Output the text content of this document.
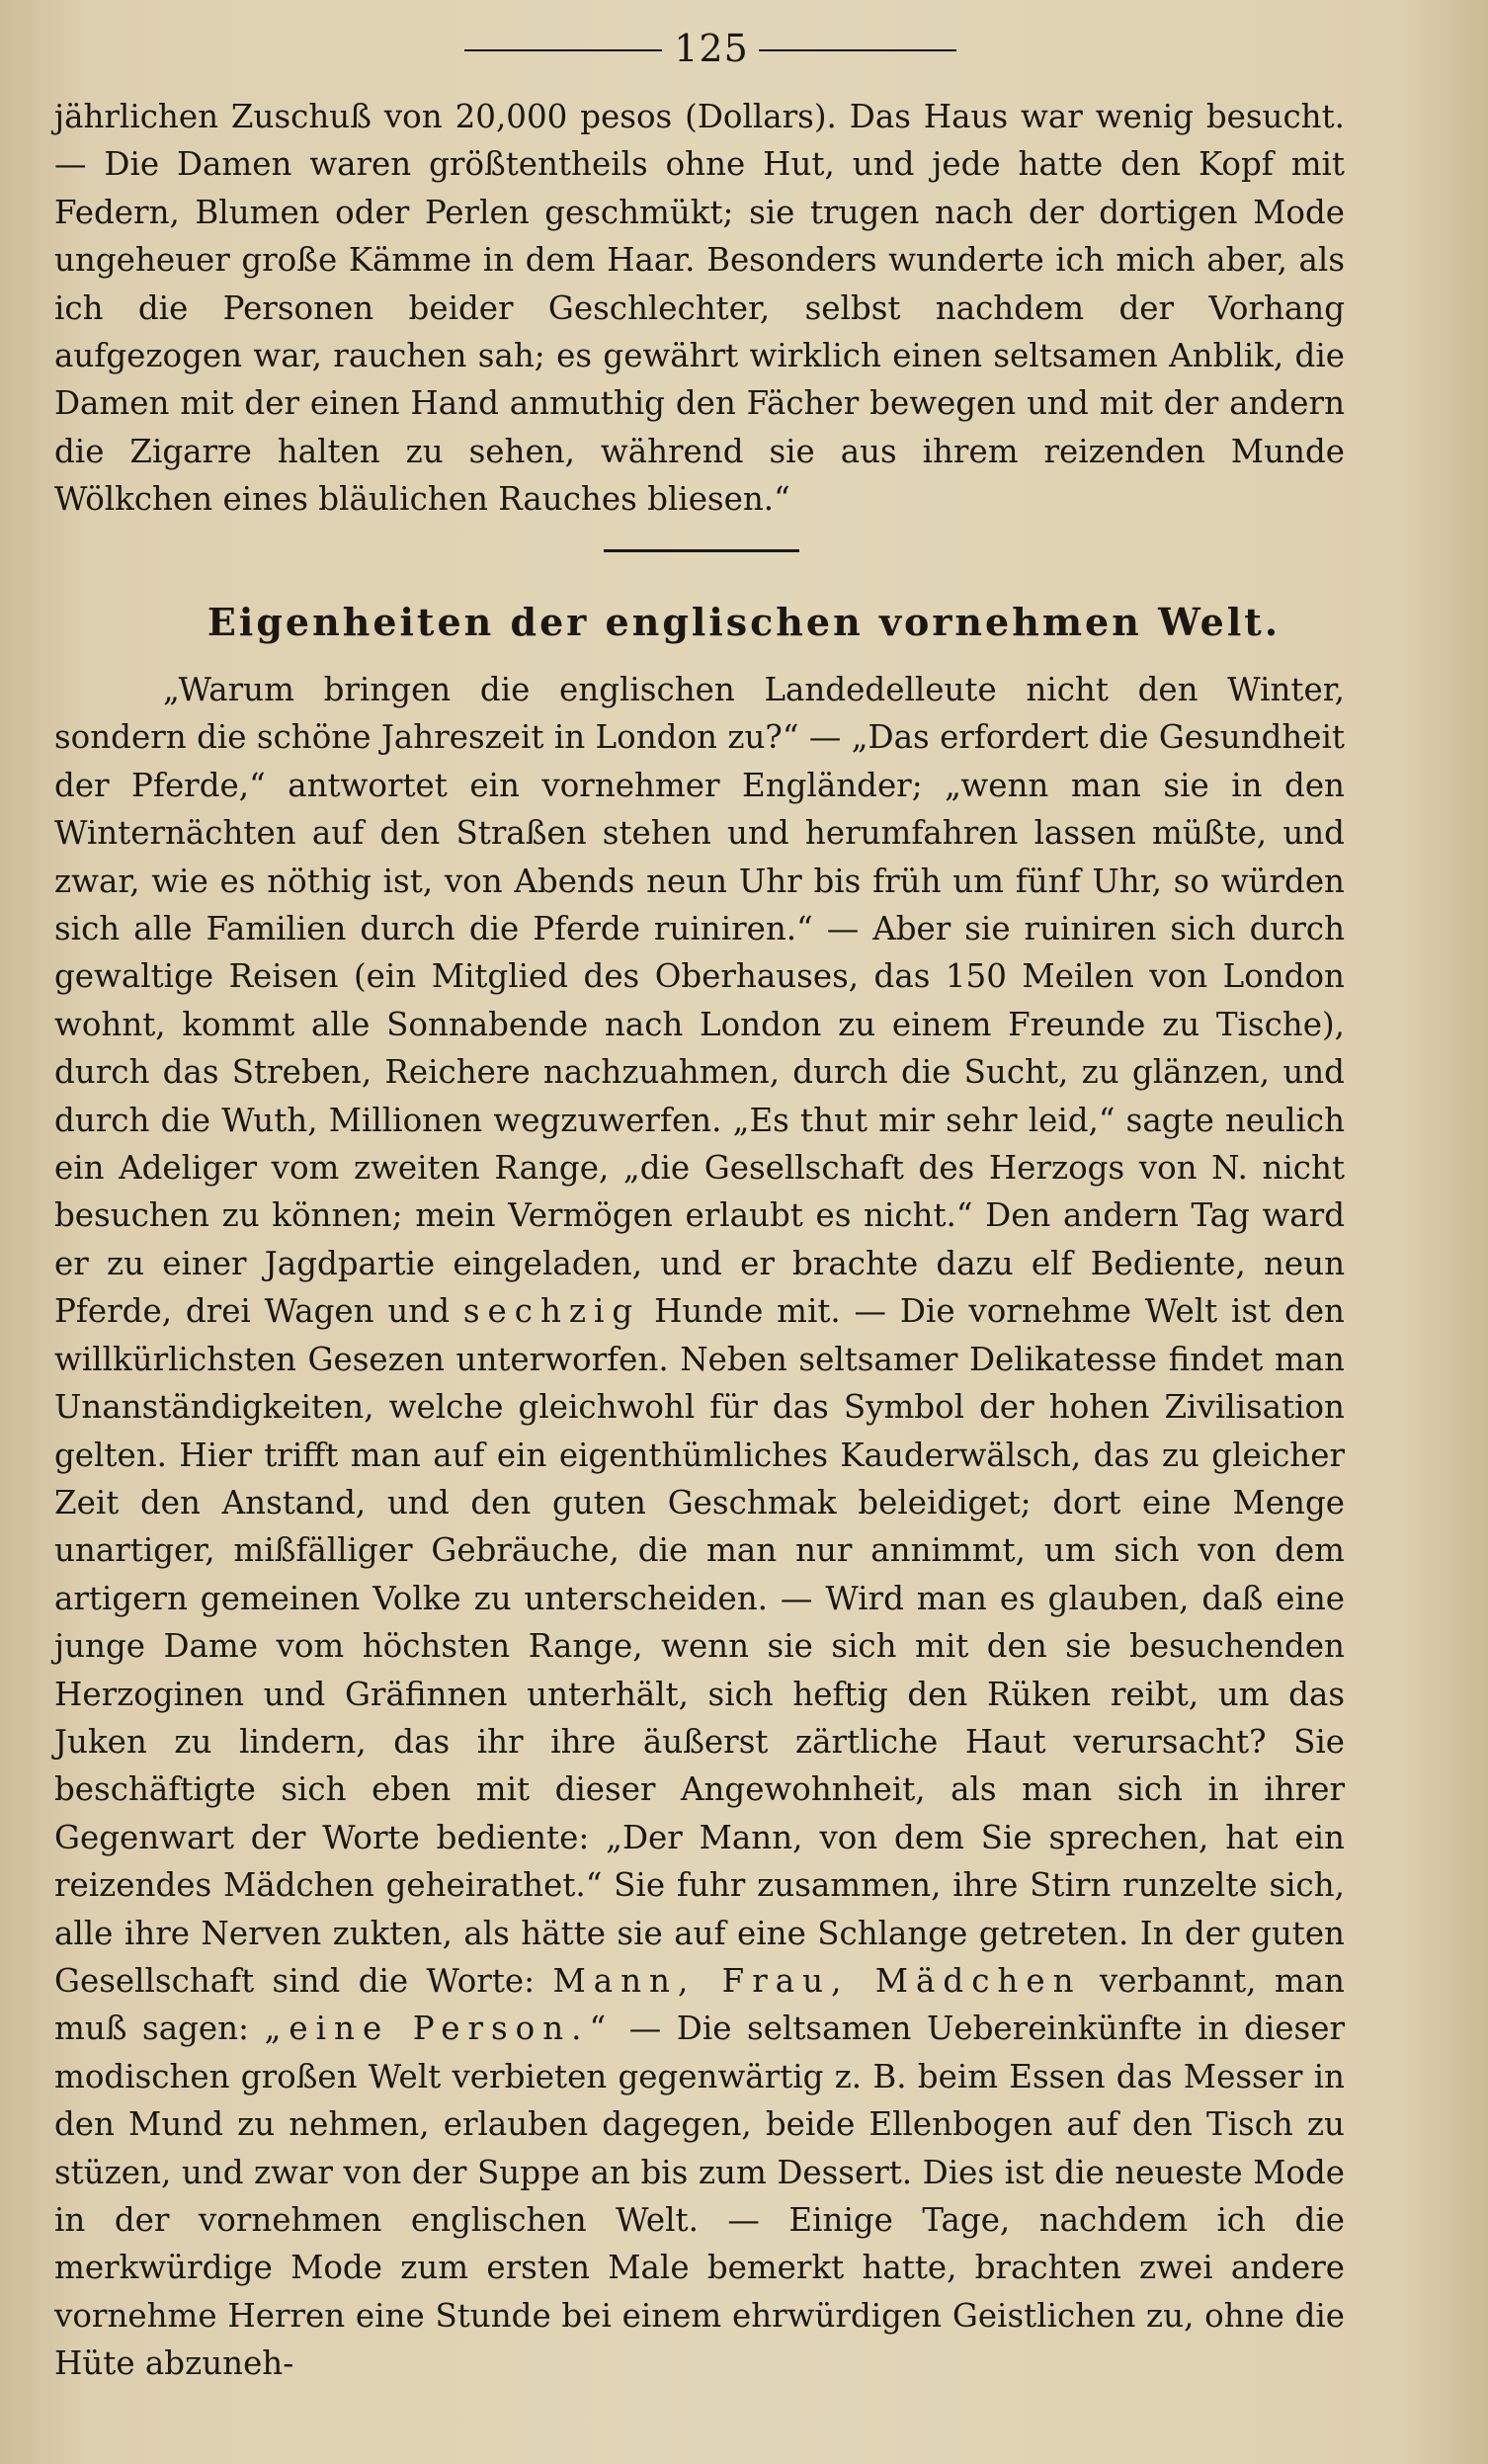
125

jährlichen Zuschuß von 20,000 pesos (Dollars). Das Haus war wenig besucht. — Die Damen waren größtentheils ohne Hut, und jede hatte den Kopf mit Federn, Blumen oder Perlen geschmükt; sie trugen nach der dortigen Mode ungeheuer große Kämme in dem Haar. Besonders wunderte ich mich aber, als ich die Personen beider Geschlechter, selbst nachdem der Vorhang aufgezogen war, rauchen sah; es gewährt wirklich einen seltsamen Anblik, die Damen mit der einen Hand anmuthig den Fächer bewegen und mit der andern die Zigarre halten zu sehen, während sie aus ihrem reizenden Munde Wölkchen eines bläulichen Rauches bliesen.“

Eigenheiten der englischen vornehmen Welt.

„Warum bringen die englischen Landedelleute nicht den Winter, sondern die schöne Jahreszeit in London zu?“ — „Das erfordert die Gesundheit der Pferde,“ antwortet ein vornehmer Engländer; „wenn man sie in den Winternächten auf den Straßen stehen und herumfahren lassen müßte, und zwar, wie es nöthig ist, von Abends neun Uhr bis früh um fünf Uhr, so würden sich alle Familien durch die Pferde ruiniren.“ — Aber sie ruiniren sich durch gewaltige Reisen (ein Mitglied des Oberhauses, das 150 Meilen von London wohnt, kommt alle Sonnabende nach London zu einem Freunde zu Tische), durch das Streben, Reichere nachzuahmen, durch die Sucht, zu glänzen, und durch die Wuth, Millionen wegzuwerfen. „Es thut mir sehr leid,“ sagte neulich ein Adeliger vom zweiten Range, „die Gesellschaft des Herzogs von N. nicht besuchen zu können; mein Vermögen erlaubt es nicht.“ Den andern Tag ward er zu einer Jagdpartie eingeladen, und er brachte dazu elf Bediente, neun Pferde, drei Wagen und sechzig Hunde mit. — Die vornehme Welt ist den willkürlichsten Gesezen unterworfen. Neben seltsamer Delikatesse findet man Unanständigkeiten, welche gleichwohl für das Symbol der hohen Zivilisation gelten. Hier trifft man auf ein eigenthümliches Kauderwälsch, das zu gleicher Zeit den Anstand, und den guten Geschmak beleidiget; dort eine Menge unartiger, mißfälliger Gebräuche, die man nur annimmt, um sich von dem artigern gemeinen Volke zu unterscheiden. — Wird man es glauben, daß eine junge Dame vom höchsten Range, wenn sie sich mit den sie besuchenden Herzoginen und Gräfinnen unterhält, sich heftig den Rüken reibt, um das Juken zu lindern, das ihr ihre äußerst zärtliche Haut verursacht? Sie beschäftigte sich eben mit dieser Angewohnheit, als man sich in ihrer Gegenwart der Worte bediente: „Der Mann, von dem Sie sprechen, hat ein reizendes Mädchen geheirathet.“ Sie fuhr zusammen, ihre Stirn runzelte sich, alle ihre Nerven zukten, als hätte sie auf eine Schlange getreten. In der guten Gesellschaft sind die Worte: Mann, Frau, Mädchen verbannt, man muß sagen: „eine Person.“ — Die seltsamen Uebereinkünfte in dieser modischen großen Welt verbieten gegenwärtig z. B. beim Essen das Messer in den Mund zu nehmen, erlauben dagegen, beide Ellenbogen auf den Tisch zu stüzen, und zwar von der Suppe an bis zum Dessert. Dies ist die neueste Mode in der vornehmen englischen Welt. — Einige Tage, nachdem ich die merkwürdige Mode zum ersten Male bemerkt hatte, brachten zwei andere vornehme Herren eine Stunde bei einem ehrwürdigen Geistlichen zu, ohne die Hüte abzuneh-
